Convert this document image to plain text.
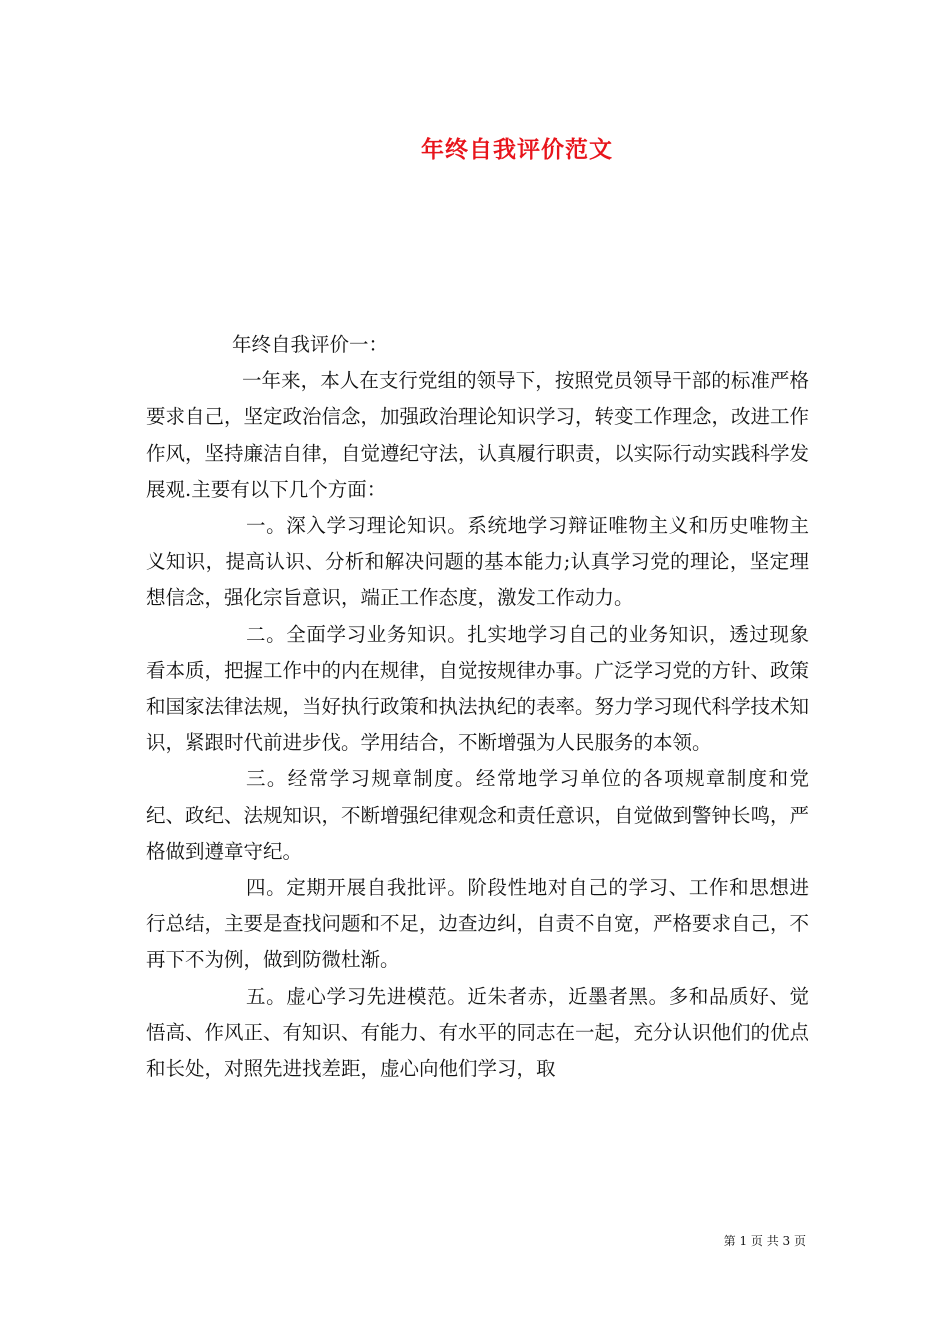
年终自我评价范文

年终自我评价一：

一年来，本人在支行党组的领导下，按照党员领导干部的标准严格要求自己，坚定政治信念，加强政治理论知识学习，转变工作理念，改进工作作风，坚持廉洁自律，自觉遵纪守法，认真履行职责，以实际行动实践科学发展观.主要有以下几个方面：

一。深入学习理论知识。系统地学习辩证唯物主义和历史唯物主义知识，提高认识、分析和解决问题的基本能力;认真学习党的理论，坚定理想信念，强化宗旨意识，端正工作态度，激发工作动力。

二。全面学习业务知识。扎实地学习自己的业务知识，透过现象看本质，把握工作中的内在规律，自觉按规律办事。广泛学习党的方针、政策和国家法律法规，当好执行政策和执法执纪的表率。努力学习现代科学技术知识，紧跟时代前进步伐。学用结合，不断增强为人民服务的本领。

三。经常学习规章制度。经常地学习单位的各项规章制度和党纪、政纪、法规知识，不断增强纪律观念和责任意识，自觉做到警钟长鸣，严格做到遵章守纪。

四。定期开展自我批评。阶段性地对自己的学习、工作和思想进行总结，主要是查找问题和不足，边查边纠，自责不自宽，严格要求自己，不再下不为例，做到防微杜渐。

五。虚心学习先进模范。近朱者赤，近墨者黑。多和品质好、觉悟高、作风正、有知识、有能力、有水平的同志在一起，充分认识他们的优点和长处，对照先进找差距，虚心向他们学习，取

第 1 页 共 3 页
